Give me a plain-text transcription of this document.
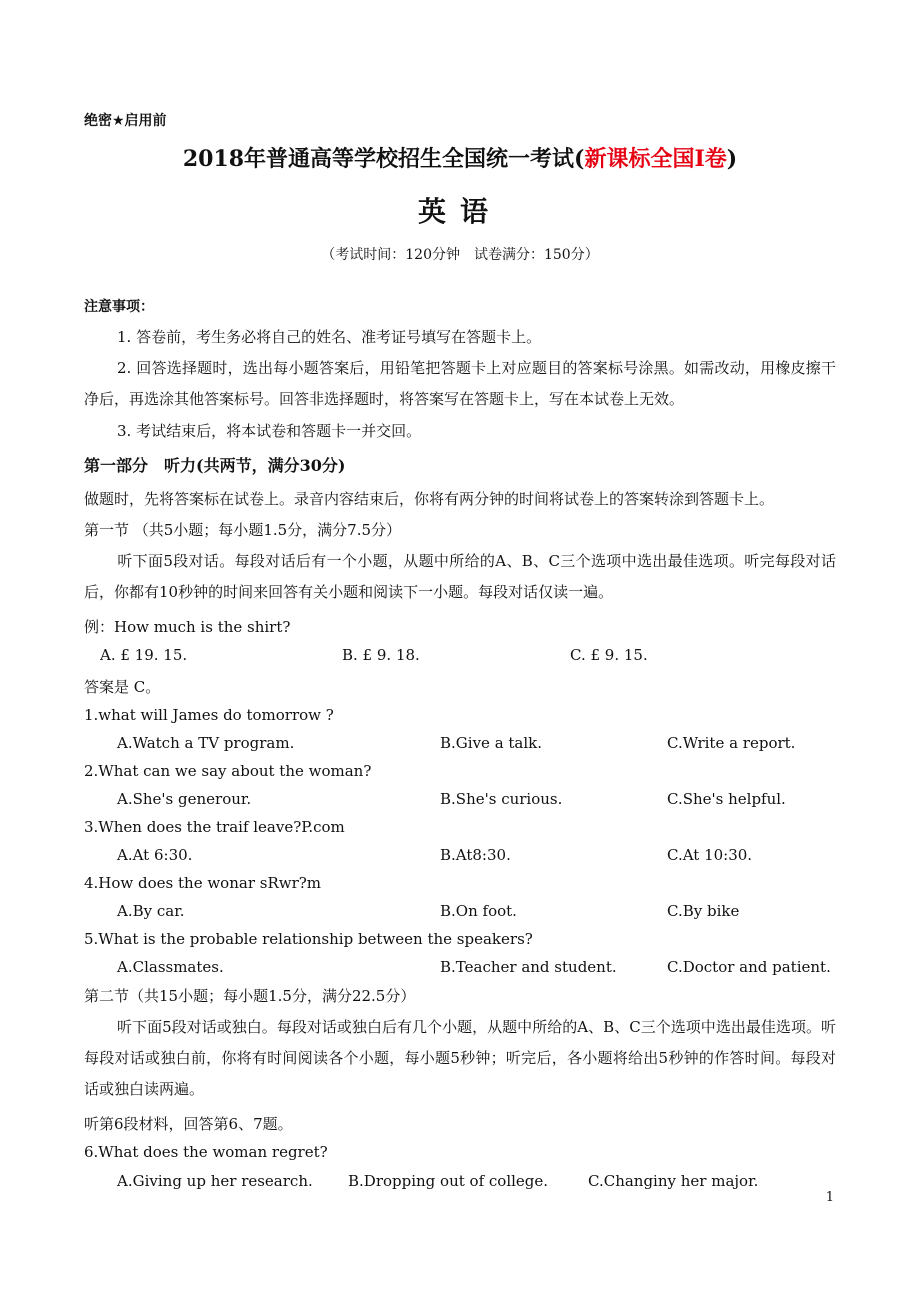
绝密★启用前
2018年普通高等学校招生全国统一考试(新课标全国Ⅰ卷)
英语
（考试时间：120分钟　试卷满分：150分）
注意事项：
1. 答卷前，考生务必将自己的姓名、准考证号填写在答题卡上。
2. 回答选择题时，选出每小题答案后，用铅笔把答题卡上对应题目的答案标号涂黑。如需改动，用橡皮擦干净后，再选涂其他答案标号。回答非选择题时，将答案写在答题卡上，写在本试卷上无效。
3. 考试结束后，将本试卷和答题卡一并交回。
第一部分　听力(共两节，满分30分)
做题时，先将答案标在试卷上。录音内容结束后，你将有两分钟的时间将试卷上的答案转涂到答题卡上。
第一节 （共5小题；每小题1.5分，满分7.5分）
听下面5段对话。每段对话后有一个小题，从题中所给的A、B、C三个选项中选出最佳选项。听完每段对话后，你都有10秒钟的时间来回答有关小题和阅读下一小题。每段对话仅读一遍。
例：How much is the shirt?
A. £ 19. 15.	B. £ 9. 18.	C. £ 9. 15.
答案是 C。
1.what will James do tomorrow ?
A.Watch a TV program.	B.Give a talk.	C.Write a report.
2.What can we say about the woman?
A.She's generour.	B.She's curious.	C.She's helpful.
3.When does the traif leave?P.com
A.At 6:30.	B.At8:30.	C.At 10:30.
4.How does the wonar sRwr?m
A.By car.	B.On foot.	C.By bike
5.What is the probable relationship between the speakers?
A.Classmates.	B.Teacher and student.	C.Doctor and patient.
第二节（共15小题；每小题1.5分，满分22.5分）
听下面5段对话或独白。每段对话或独白后有几个小题，从题中所给的A、B、C三个选项中选出最佳选项。听每段对话或独白前，你将有时间阅读各个小题，每小题5秒钟；听完后，各小题将给出5秒钟的作答时间。每段对话或独白读两遍。
听第6段材料，回答第6、7题。
6.What does the woman regret?
A.Giving up her research. B.Dropping out of college.	C.Changiny her major.
1
